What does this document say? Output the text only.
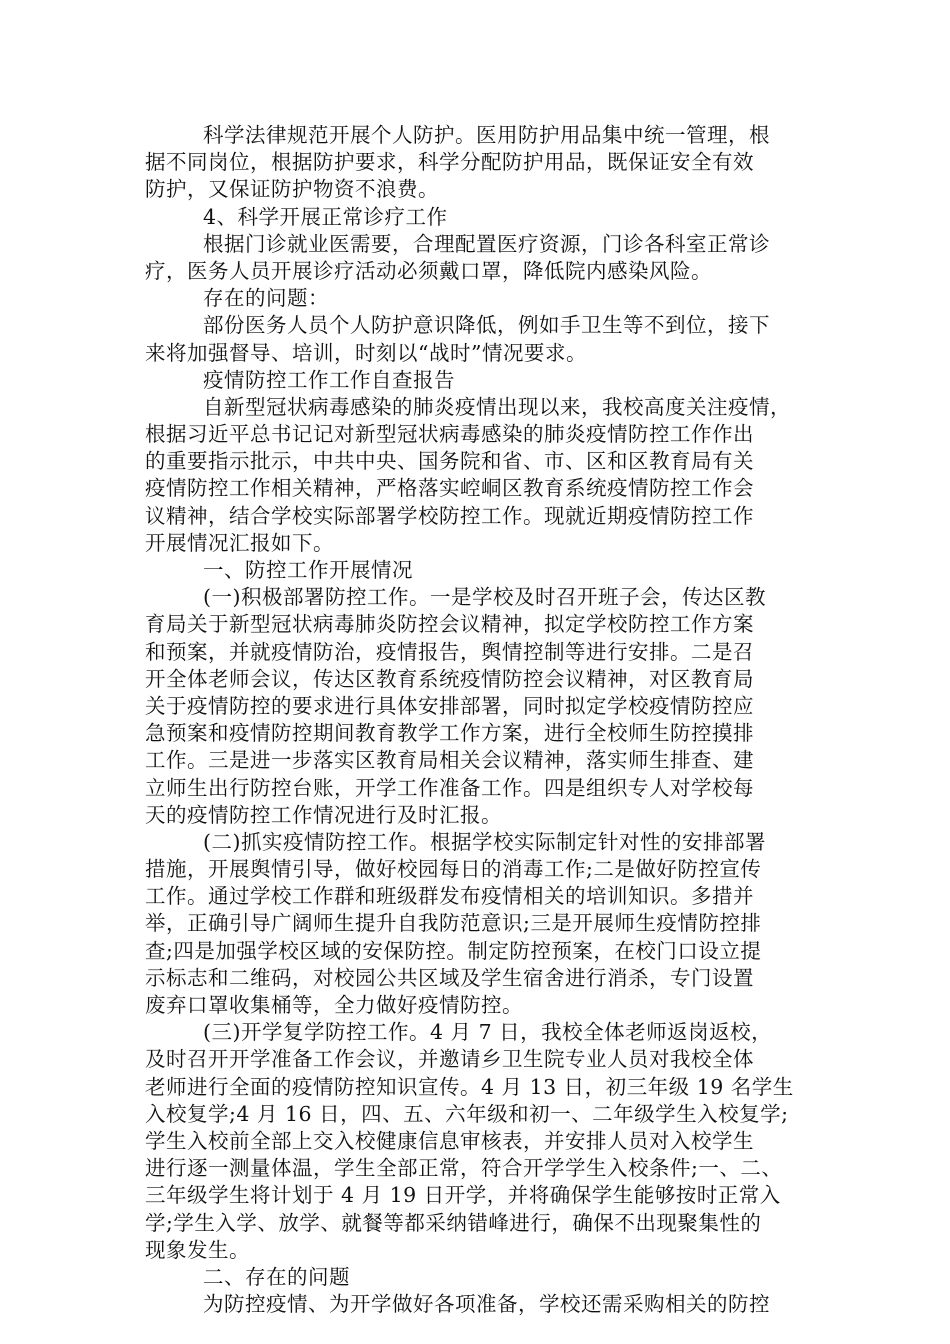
科学法律规范开展个人防护。医用防护用品集中统一管理，根
据不同岗位，根据防护要求，科学分配防护用品，既保证安全有效
防护，又保证防护物资不浪费。
4、科学开展正常诊疗工作
根据门诊就业医需要，合理配置医疗资源，门诊各科室正常诊
疗，医务人员开展诊疗活动必须戴口罩，降低院内感染风险。
存在的问题：
部份医务人员个人防护意识降低，例如手卫生等不到位，接下
来将加强督导、培训，时刻以“战时”情况要求。
疫情防控工作工作自查报告
自新型冠状病毒感染的肺炎疫情出现以来，我校高度关注疫情，
根据习近平总书记记对新型冠状病毒感染的肺炎疫情防控工作作出
的重要指示批示，中共中央、国务院和省、市、区和区教育局有关
疫情防控工作相关精神，严格落实崆峒区教育系统疫情防控工作会
议精神，结合学校实际部署学校防控工作。现就近期疫情防控工作
开展情况汇报如下。
一、防控工作开展情况
(一)积极部署防控工作。一是学校及时召开班子会，传达区教
育局关于新型冠状病毒肺炎防控会议精神，拟定学校防控工作方案
和预案，并就疫情防治，疫情报告，舆情控制等进行安排。二是召
开全体老师会议，传达区教育系统疫情防控会议精神，对区教育局
关于疫情防控的要求进行具体安排部署，同时拟定学校疫情防控应
急预案和疫情防控期间教育教学工作方案，进行全校师生防控摸排
工作。三是进一步落实区教育局相关会议精神，落实师生排查、建
立师生出行防控台账，开学工作准备工作。四是组织专人对学校每
天的疫情防控工作情况进行及时汇报。
(二)抓实疫情防控工作。根据学校实际制定针对性的安排部署
措施，开展舆情引导，做好校园每日的消毒工作;二是做好防控宣传
工作。通过学校工作群和班级群发布疫情相关的培训知识。多措并
举，正确引导广阔师生提升自我防范意识;三是开展师生疫情防控排
查;四是加强学校区域的安保防控。制定防控预案，在校门口设立提
示标志和二维码，对校园公共区域及学生宿舍进行消杀，专门设置
废弃口罩收集桶等，全力做好疫情防控。
(三)开学复学防控工作。4 月 7 日，我校全体老师返岗返校，
及时召开开学准备工作会议，并邀请乡卫生院专业人员对我校全体
老师进行全面的疫情防控知识宣传。4 月 13 日，初三年级 19 名学生
入校复学;4 月 16 日，四、五、六年级和初一、二年级学生入校复学;
学生入校前全部上交入校健康信息审核表，并安排人员对入校学生
进行逐一测量体温，学生全部正常，符合开学学生入校条件;一、二、
三年级学生将计划于 4 月 19 日开学，并将确保学生能够按时正常入
学;学生入学、放学、就餐等都采纳错峰进行，确保不出现聚集性的
现象发生。
二、存在的问题
为防控疫情、为开学做好各项准备，学校还需采购相关的防控
